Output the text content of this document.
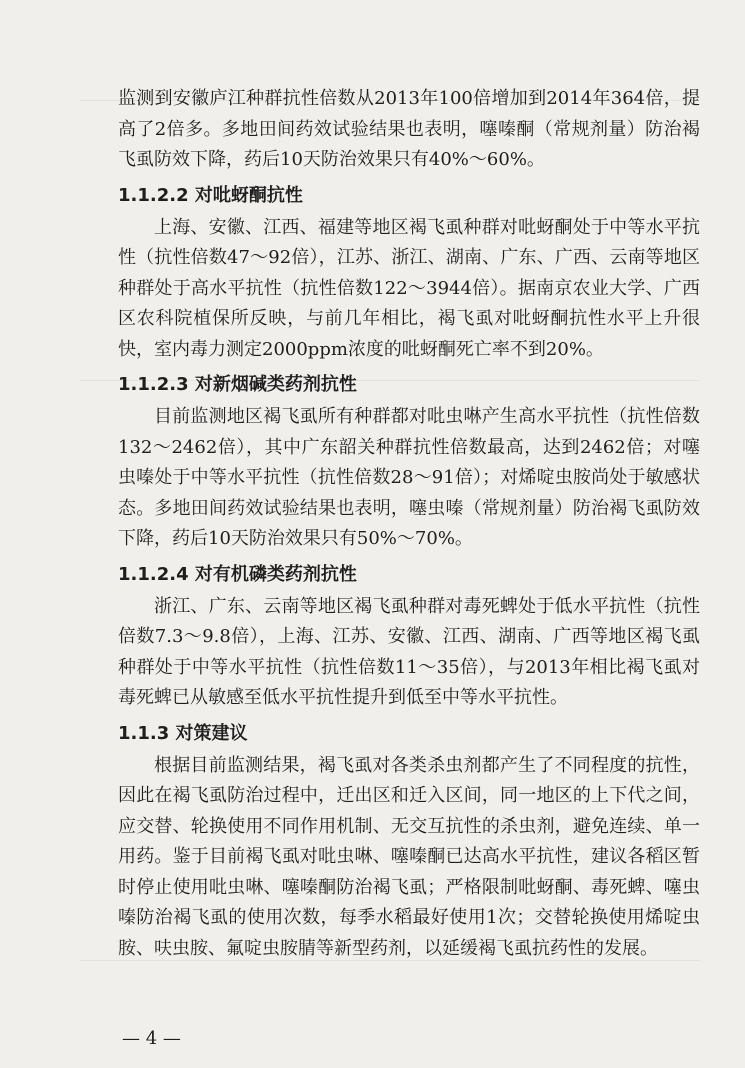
监测到安徽庐江种群抗性倍数从2013年100倍增加到2014年364倍，提高了2倍多。多地田间药效试验结果也表明，噻嗪酮（常规剂量）防治褐飞虱防效下降，药后10天防治效果只有40%～60%。

1.1.2.2 对吡蚜酮抗性

上海、安徽、江西、福建等地区褐飞虱种群对吡蚜酮处于中等水平抗性（抗性倍数47～92倍），江苏、浙江、湖南、广东、广西、云南等地区种群处于高水平抗性（抗性倍数122～3944倍）。据南京农业大学、广西区农科院植保所反映，与前几年相比，褐飞虱对吡蚜酮抗性水平上升很快，室内毒力测定2000ppm浓度的吡蚜酮死亡率不到20%。

1.1.2.3 对新烟碱类药剂抗性

目前监测地区褐飞虱所有种群都对吡虫啉产生高水平抗性（抗性倍数132～2462倍），其中广东韶关种群抗性倍数最高，达到2462倍；对噻虫嗪处于中等水平抗性（抗性倍数28～91倍）；对烯啶虫胺尚处于敏感状态。多地田间药效试验结果也表明，噻虫嗪（常规剂量）防治褐飞虱防效下降，药后10天防治效果只有50%～70%。

1.1.2.4 对有机磷类药剂抗性

浙江、广东、云南等地区褐飞虱种群对毒死蜱处于低水平抗性（抗性倍数7.3～9.8倍），上海、江苏、安徽、江西、湖南、广西等地区褐飞虱种群处于中等水平抗性（抗性倍数11～35倍），与2013年相比褐飞虱对毒死蜱已从敏感至低水平抗性提升到低至中等水平抗性。

1.1.3 对策建议

根据目前监测结果，褐飞虱对各类杀虫剂都产生了不同程度的抗性，因此在褐飞虱防治过程中，迁出区和迁入区间，同一地区的上下代之间，应交替、轮换使用不同作用机制、无交互抗性的杀虫剂，避免连续、单一用药。鉴于目前褐飞虱对吡虫啉、噻嗪酮已达高水平抗性，建议各稻区暂时停止使用吡虫啉、噻嗪酮防治褐飞虱；严格限制吡蚜酮、毒死蜱、噻虫嗪防治褐飞虱的使用次数，每季水稻最好使用1次；交替轮换使用烯啶虫胺、呋虫胺、氟啶虫胺腈等新型药剂，以延缓褐飞虱抗药性的发展。

— 4 —
